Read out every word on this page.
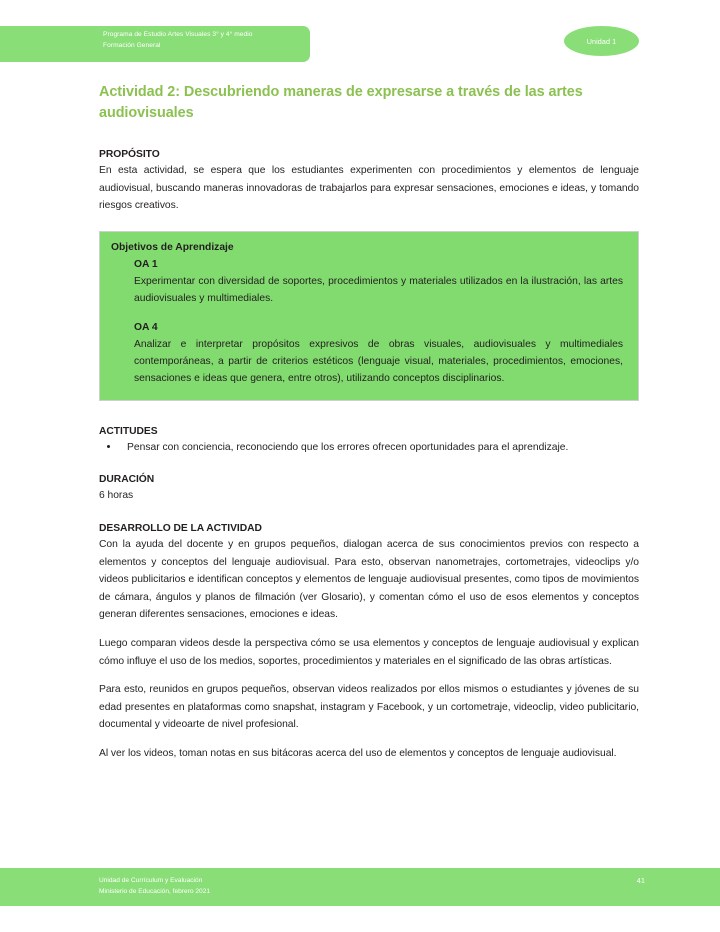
Programa de Estudio Artes Visuales 3° y 4° medio
Formación General	Unidad 1
Actividad 2: Descubriendo maneras de expresarse a través de las artes audiovisuales
PROPÓSITO

En esta actividad, se espera que los estudiantes experimenten con procedimientos y elementos de lenguaje audiovisual, buscando maneras innovadoras de trabajarlos para expresar sensaciones, emociones e ideas, y tomando riesgos creativos.

Objetivos de Aprendizaje
OA 1

Experimentar con diversidad de soportes, procedimientos y materiales utilizados en la ilustración, las artes audiovisuales y multimediales.

OA 4

Analizar e interpretar propósitos expresivos de obras visuales, audiovisuales y multimediales contemporáneas, a partir de criterios estéticos (lenguaje visual, materiales, procedimientos, emociones, sensaciones e ideas que genera, entre otros), utilizando conceptos disciplinarios.

ACTITUDES
Pensar con conciencia, reconociendo que los errores ofrecen oportunidades para el aprendizaje.
DURACIÓN

6 horas

DESARROLLO DE LA ACTIVIDAD

Con la ayuda del docente y en grupos pequeños, dialogan acerca de sus conocimientos previos con respecto a elementos y conceptos del lenguaje audiovisual. Para esto, observan nanometrajes, cortometrajes, videoclips y/o videos publicitarios e identifican conceptos y elementos de lenguaje audiovisual presentes, como tipos de movimientos de cámara, ángulos y planos de filmación (ver Glosario), y comentan cómo el uso de esos elementos y conceptos generan diferentes sensaciones, emociones e ideas.

Luego comparan videos desde la perspectiva cómo se usa elementos y conceptos de lenguaje audiovisual y explican cómo influye el uso de los medios, soportes, procedimientos y materiales en el significado de las obras artísticas.

Para esto, reunidos en grupos pequeños, observan videos realizados por ellos mismos o estudiantes y jóvenes de su edad presentes en plataformas como snapshat, instagram y Facebook, y un cortometraje, videoclip, video publicitario, documental y videoarte de nivel profesional.

Al ver los videos, toman notas en sus bitácoras acerca del uso de elementos y conceptos de lenguaje audiovisual.

Unidad de Currículum y Evaluación
Ministerio de Educación, febrero 2021
41
